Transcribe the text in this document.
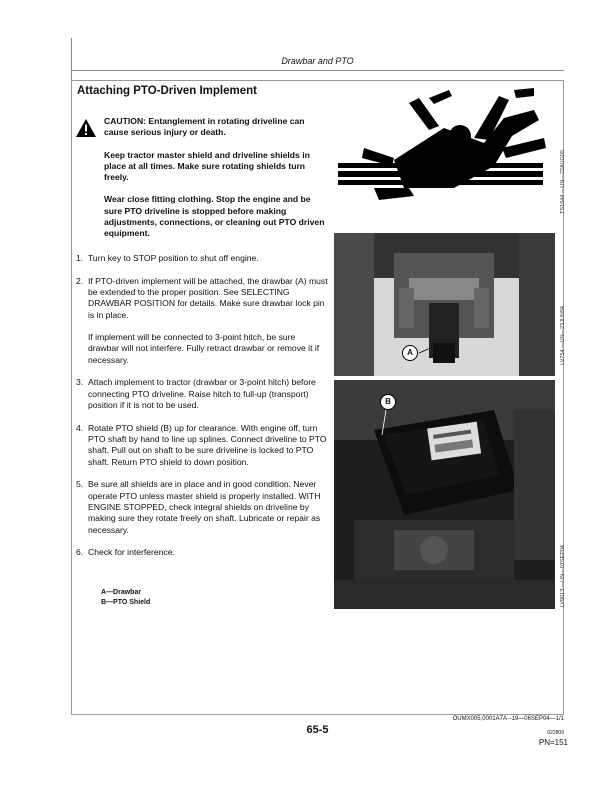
Drawbar and PTO
Attaching PTO-Driven Implement

CAUTION: Entanglement in rotating driveline can cause serious injury or death.

Keep tractor master shield and driveline shields in place at all times. Make sure rotating shields turn freely.

Wear close fitting clothing. Stop the engine and be sure PTO driveline is stopped before making adjustments, connections, or cleaning out PTO driven equipment.

1. Turn key to STOP position to shut off engine.

2. If PTO-driven implement will be attached, the drawbar (A) must be extended to the proper position. See SELECTING DRAWBAR POSITION for details. Make sure drawbar lock pin is in place.

If implement will be connected to 3-point hitch, be sure drawbar will not interfere. Fully retract drawbar or remove it if necessary.

3. Attach implement to tractor (drawbar or 3-point hitch) before connecting PTO driveline. Raise hitch to full-up (transport) position if it is not to be used.

4. Rotate PTO shield (B) up for clearance. With engine off, turn PTO shaft by hand to line up splines. Connect driveline to PTO shaft. Pull out on shaft to be sure driveline is locked to PTO shaft. Return PTO shield to down position.

5. Be sure all shields are in place and in good condition. Never operate PTO unless master shield is properly installed. WITH ENGINE STOPPED, check integral shields on driveline by making sure they rotate freely on shaft. Lubricate or repair as necessary.

6. Check for interference.

A—Drawbar
B—PTO Shield
TS1644 —UN—22AUG95
A	LV754 —UN—23JUN94
B
LV9613 —UN—07SEP04
OUMX005,0001A7A –19—06SEP04—1/1
65-5	022809
PN=151
